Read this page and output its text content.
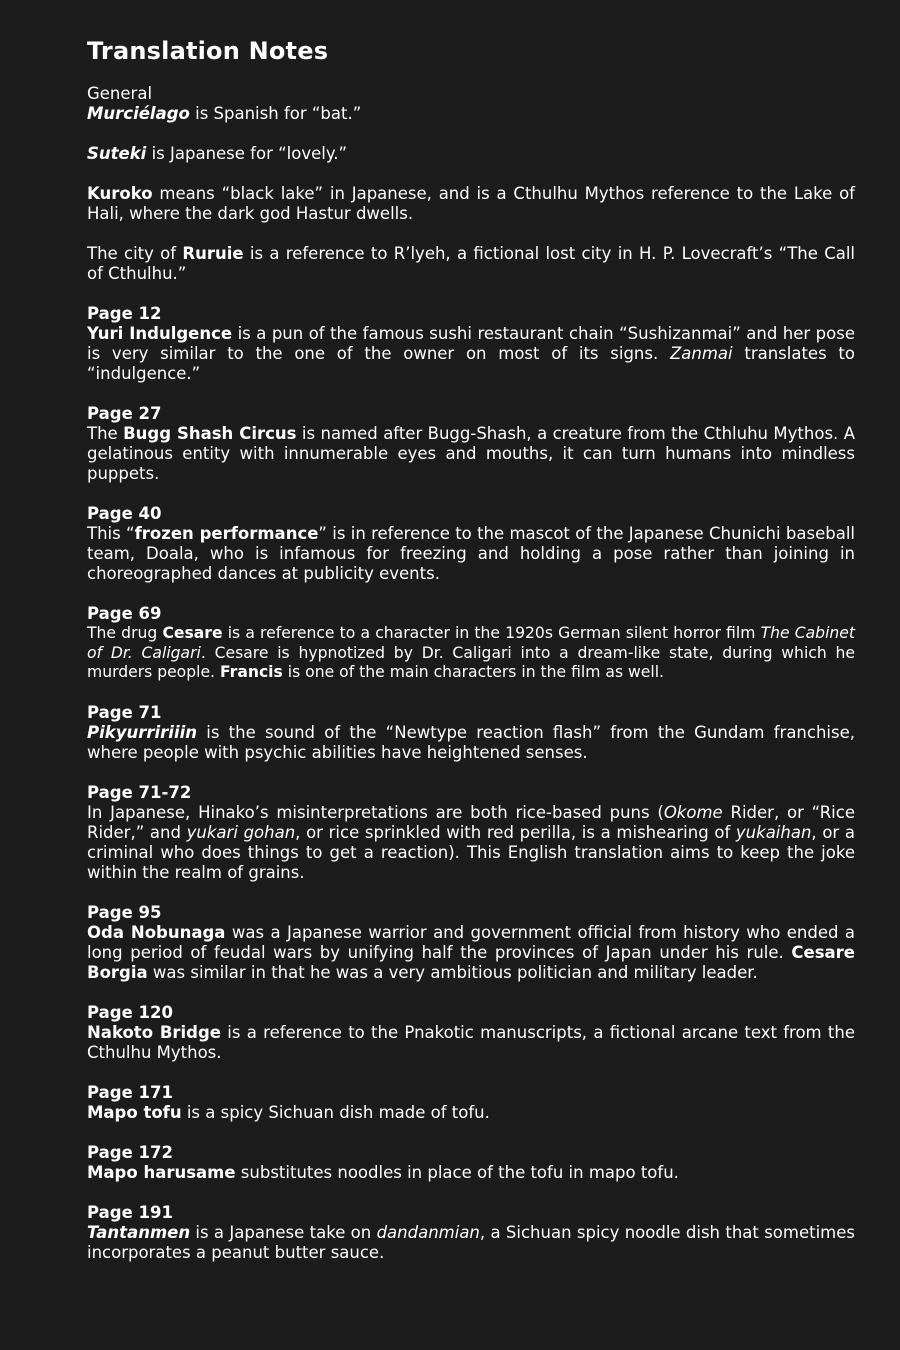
Translation Notes
General
Murciélago is Spanish for “bat.”
Suteki is Japanese for “lovely.”
Kuroko means “black lake” in Japanese, and is a Cthulhu Mythos reference to the Lake of Hali, where the dark god Hastur dwells.
The city of Ruruie is a reference to R’lyeh, a fictional lost city in H. P. Lovecraft’s “The Call of Cthulhu.”
Page 12
Yuri Indulgence is a pun of the famous sushi restaurant chain “Sushizanmai” and her pose is very similar to the one of the owner on most of its signs. Zanmai translates to “indulgence.”
Page 27
The Bugg Shash Circus is named after Bugg-Shash, a creature from the Cthluhu Mythos. A gelatinous entity with innumerable eyes and mouths, it can turn humans into mindless puppets.
Page 40
This “frozen performance” is in reference to the mascot of the Japanese Chunichi baseball team, Doala, who is infamous for freezing and holding a pose rather than joining in choreographed dances at publicity events.
Page 69
The drug Cesare is a reference to a character in the 1920s German silent horror film The Cabinet of Dr. Caligari. Cesare is hypnotized by Dr. Caligari into a dream-like state, during which he murders people. Francis is one of the main characters in the film as well.
Page 71
Pikyurririiin is the sound of the “Newtype reaction flash” from the Gundam franchise, where people with psychic abilities have heightened senses.
Page 71-72
In Japanese, Hinako’s misinterpretations are both rice-based puns (Okome Rider, or “Rice Rider,” and yukari gohan, or rice sprinkled with red perilla, is a mishearing of yukaihan, or a criminal who does things to get a reaction). This English translation aims to keep the joke within the realm of grains.
Page 95
Oda Nobunaga was a Japanese warrior and government official from history who ended a long period of feudal wars by unifying half the provinces of Japan under his rule. Cesare Borgia was similar in that he was a very ambitious politician and military leader.
Page 120
Nakoto Bridge is a reference to the Pnakotic manuscripts, a fictional arcane text from the Cthulhu Mythos.
Page 171
Mapo tofu is a spicy Sichuan dish made of tofu.
Page 172
Mapo harusame substitutes noodles in place of the tofu in mapo tofu.
Page 191
Tantanmen is a Japanese take on dandanmian, a Sichuan spicy noodle dish that sometimes incorporates a peanut butter sauce.
